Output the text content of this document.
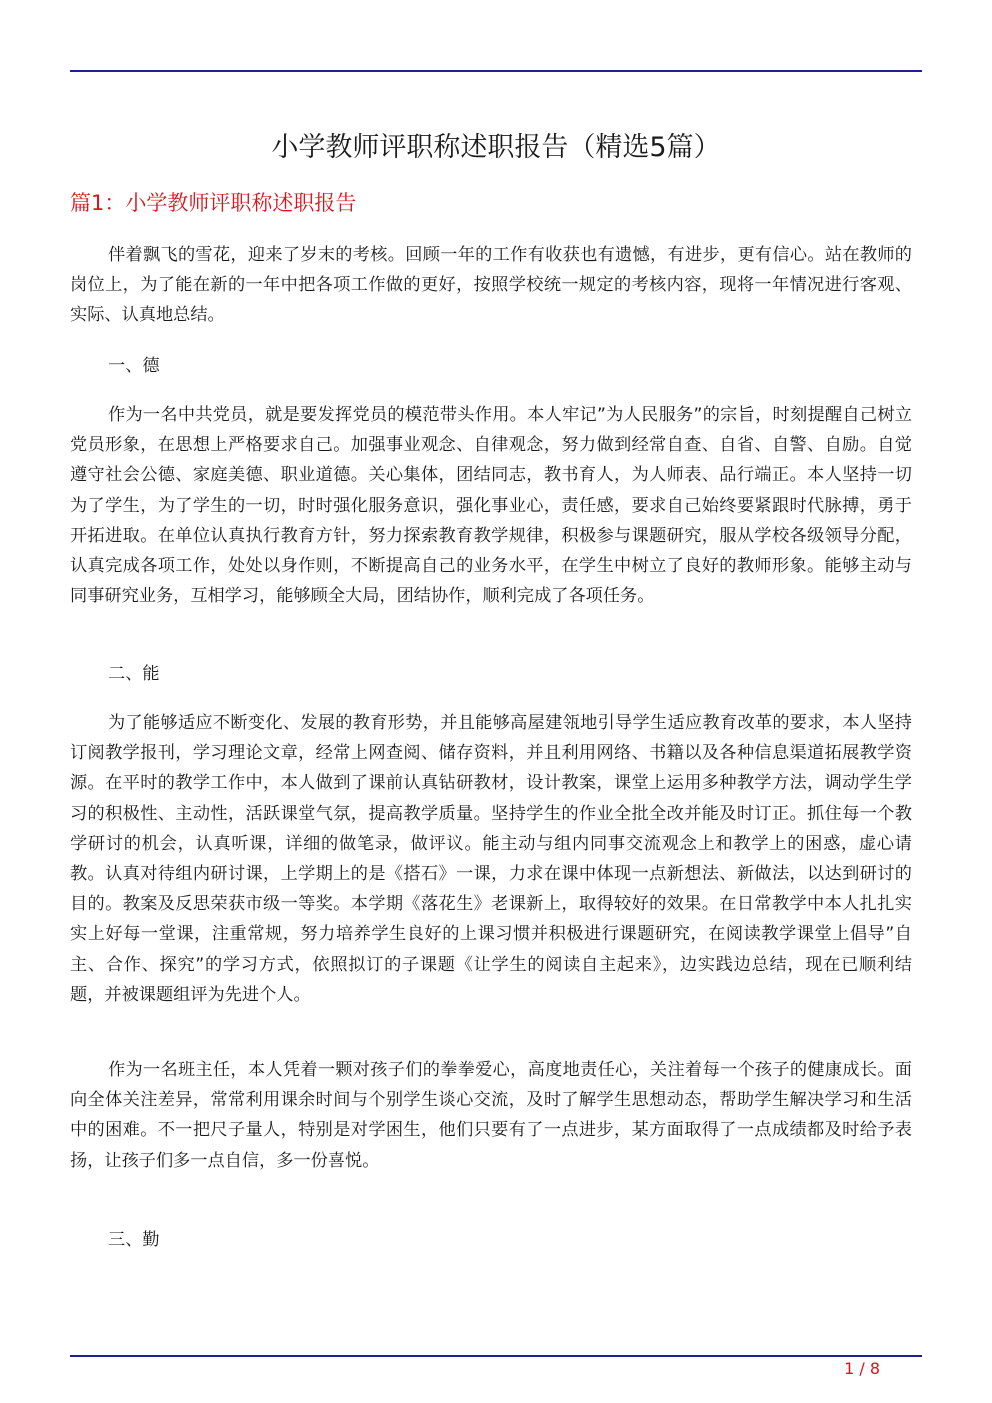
小学教师评职称述职报告（精选5篇）
篇1：小学教师评职称述职报告

伴着飘飞的雪花，迎来了岁末的考核。回顾一年的工作有收获也有遗憾，有进步，更有信心。站在教师的岗位上，为了能在新的一年中把各项工作做的更好，按照学校统一规定的考核内容，现将一年情况进行客观、实际、认真地总结。

一、德

作为一名中共党员，就是要发挥党员的模范带头作用。本人牢记”为人民服务”的宗旨，时刻提醒自己树立党员形象，在思想上严格要求自己。加强事业观念、自律观念，努力做到经常自查、自省、自警、自励。自觉遵守社会公德、家庭美德、职业道德。关心集体，团结同志，教书育人，为人师表、品行端正。本人坚持一切为了学生，为了学生的一切，时时强化服务意识，强化事业心，责任感，要求自己始终要紧跟时代脉搏，勇于开拓进取。在单位认真执行教育方针，努力探索教育教学规律，积极参与课题研究，服从学校各级领导分配，认真完成各项工作，处处以身作则，不断提高自己的业务水平，在学生中树立了良好的教师形象。能够主动与同事研究业务，互相学习，能够顾全大局，团结协作，顺利完成了各项任务。

二、能

为了能够适应不断变化、发展的教育形势，并且能够高屋建瓴地引导学生适应教育改革的要求，本人坚持订阅教学报刊，学习理论文章，经常上网查阅、储存资料，并且利用网络、书籍以及各种信息渠道拓展教学资源。在平时的教学工作中，本人做到了课前认真钻研教材，设计教案，课堂上运用多种教学方法，调动学生学习的积极性、主动性，活跃课堂气氛，提高教学质量。坚持学生的作业全批全改并能及时订正。抓住每一个教学研讨的机会，认真听课，详细的做笔录，做评议。能主动与组内同事交流观念上和教学上的困惑，虚心请教。认真对待组内研讨课，上学期上的是《搭石》一课，力求在课中体现一点新想法、新做法，以达到研讨的目的。教案及反思荣获市级一等奖。本学期《落花生》老课新上，取得较好的效果。在日常教学中本人扎扎实实上好每一堂课，注重常规，努力培养学生良好的上课习惯并积极进行课题研究，在阅读教学课堂上倡导”自主、合作、探究”的学习方式，依照拟订的子课题《让学生的阅读自主起来》，边实践边总结，现在已顺利结题，并被课题组评为先进个人。

作为一名班主任，本人凭着一颗对孩子们的拳拳爱心，高度地责任心，关注着每一个孩子的健康成长。面向全体关注差异，常常利用课余时间与个别学生谈心交流，及时了解学生思想动态，帮助学生解决学习和生活中的困难。不一把尺子量人，特别是对学困生，他们只要有了一点进步，某方面取得了一点成绩都及时给予表扬，让孩子们多一点自信，多一份喜悦。

三、勤
1 / 8
